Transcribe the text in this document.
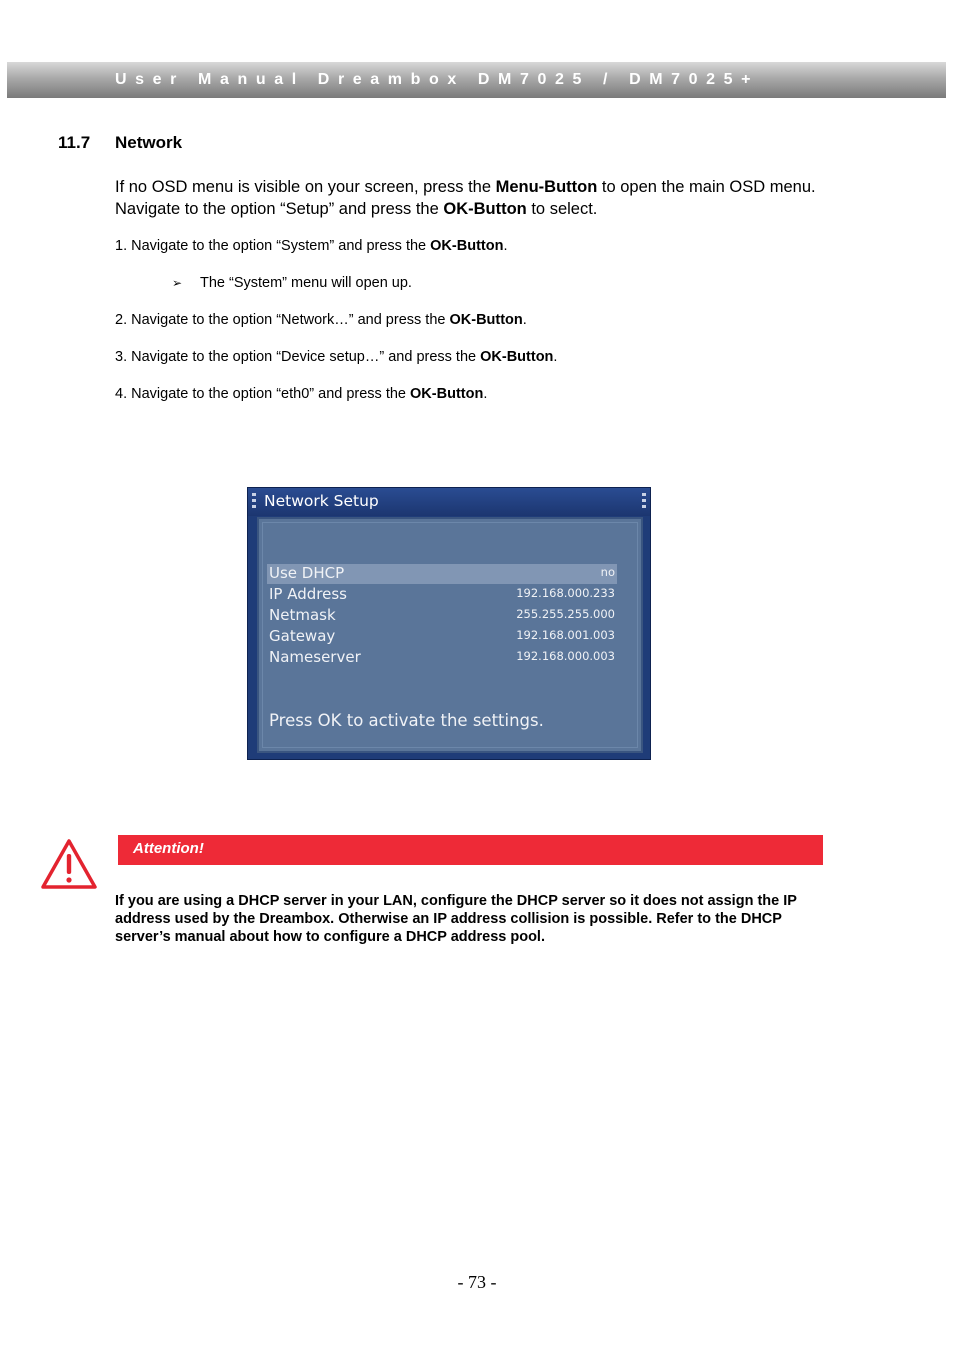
User Manual Dreambox DM7025 / DM7025+
11.7 Network
If no OSD menu is visible on your screen, press the Menu-Button to open the main OSD menu. Navigate to the option “Setup” and press the OK-Button to select.
1. Navigate to the option “System” and press the OK-Button.
➢ The “System” menu will open up.
2. Navigate to the option “Network…” and press the OK-Button.
3. Navigate to the option “Device setup…” and press the OK-Button.
4. Navigate to the option “eth0” and press the OK-Button.
Network Setup
Use DHCP	no
IP Address	192.168.000.233
Netmask	255.255.255.000
Gateway	192.168.001.003
Nameserver	192.168.000.003
Press OK to activate the settings.
Attention!
If you are using a DHCP server in your LAN, configure the DHCP server so it does not assign the IP address used by the Dreambox. Otherwise an IP address collision is possible. Refer to the DHCP server’s manual about how to configure a DHCP address pool.
- 73 -
